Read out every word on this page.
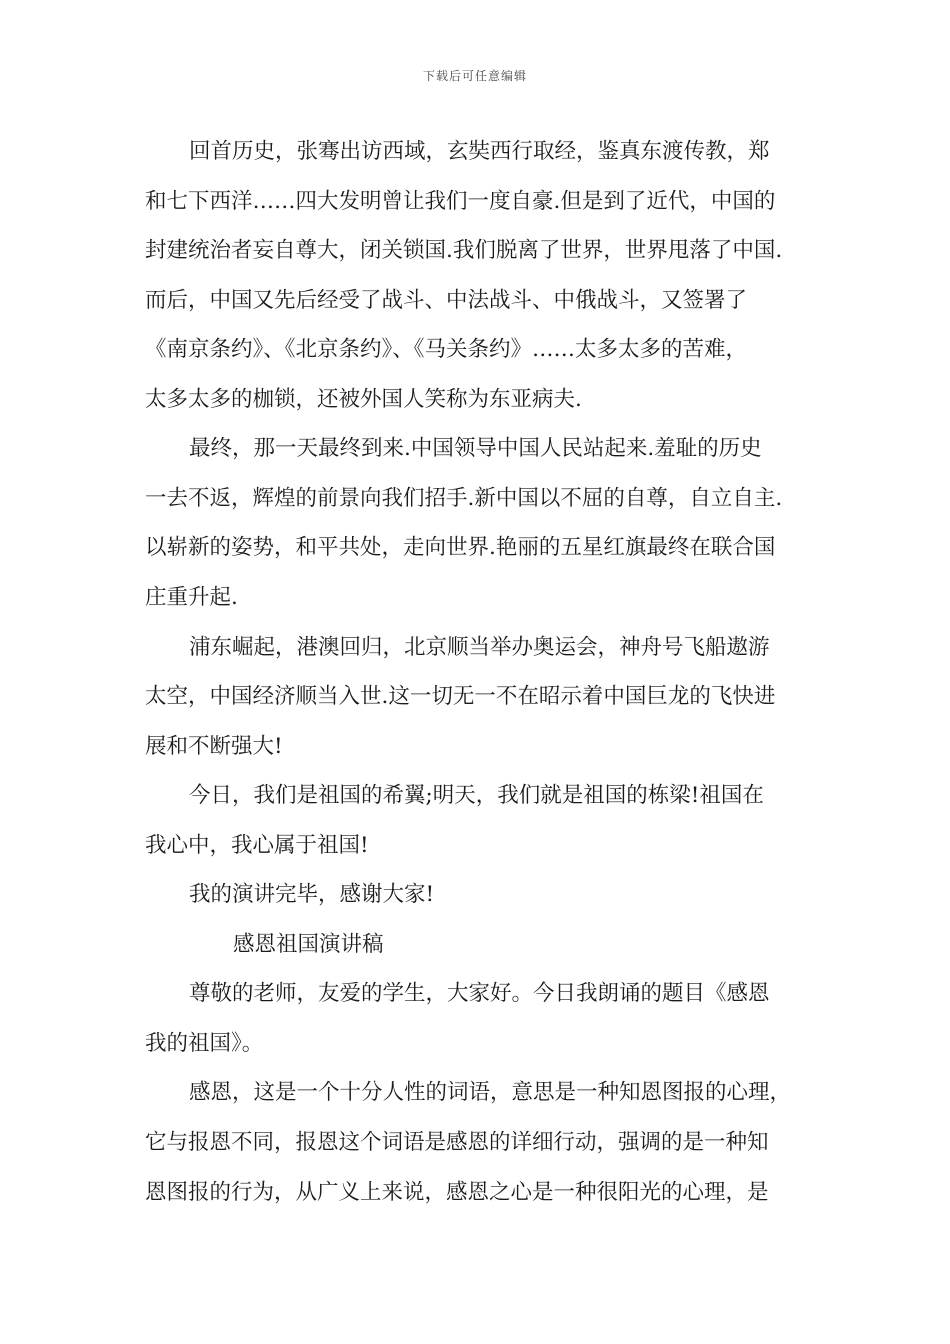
下载后可任意编辑
回首历史，张骞出访西域，玄奘西行取经，鉴真东渡传教，郑
和七下西洋……四大发明曾让我们一度自豪.但是到了近代，中国的
封建统治者妄自尊大，闭关锁国.我们脱离了世界，世界甩落了中国.
而后，中国又先后经受了战斗、中法战斗、中俄战斗，又签署了
《南京条约》、《北京条约》、《马关条约》……太多太多的苦难，
太多太多的枷锁，还被外国人笑称为东亚病夫.
最终，那一天最终到来.中国领导中国人民站起来.羞耻的历史
一去不返，辉煌的前景向我们招手.新中国以不屈的自尊，自立自主.
以崭新的姿势，和平共处，走向世界.艳丽的五星红旗最终在联合国
庄重升起.
浦东崛起，港澳回归，北京顺当举办奥运会，神舟号飞船遨游
太空，中国经济顺当入世.这一切无一不在昭示着中国巨龙的飞快进
展和不断强大!
今日，我们是祖国的希翼;明天，我们就是祖国的栋梁!祖国在
我心中，我心属于祖国!
我的演讲完毕，感谢大家!
感恩祖国演讲稿
尊敬的老师，友爱的学生，大家好。今日我朗诵的题目《感恩
我的祖国》。
感恩，这是一个十分人性的词语，意思是一种知恩图报的心理，
它与报恩不同，报恩这个词语是感恩的详细行动，强调的是一种知
恩图报的行为，从广义上来说，感恩之心是一种很阳光的心理，是
